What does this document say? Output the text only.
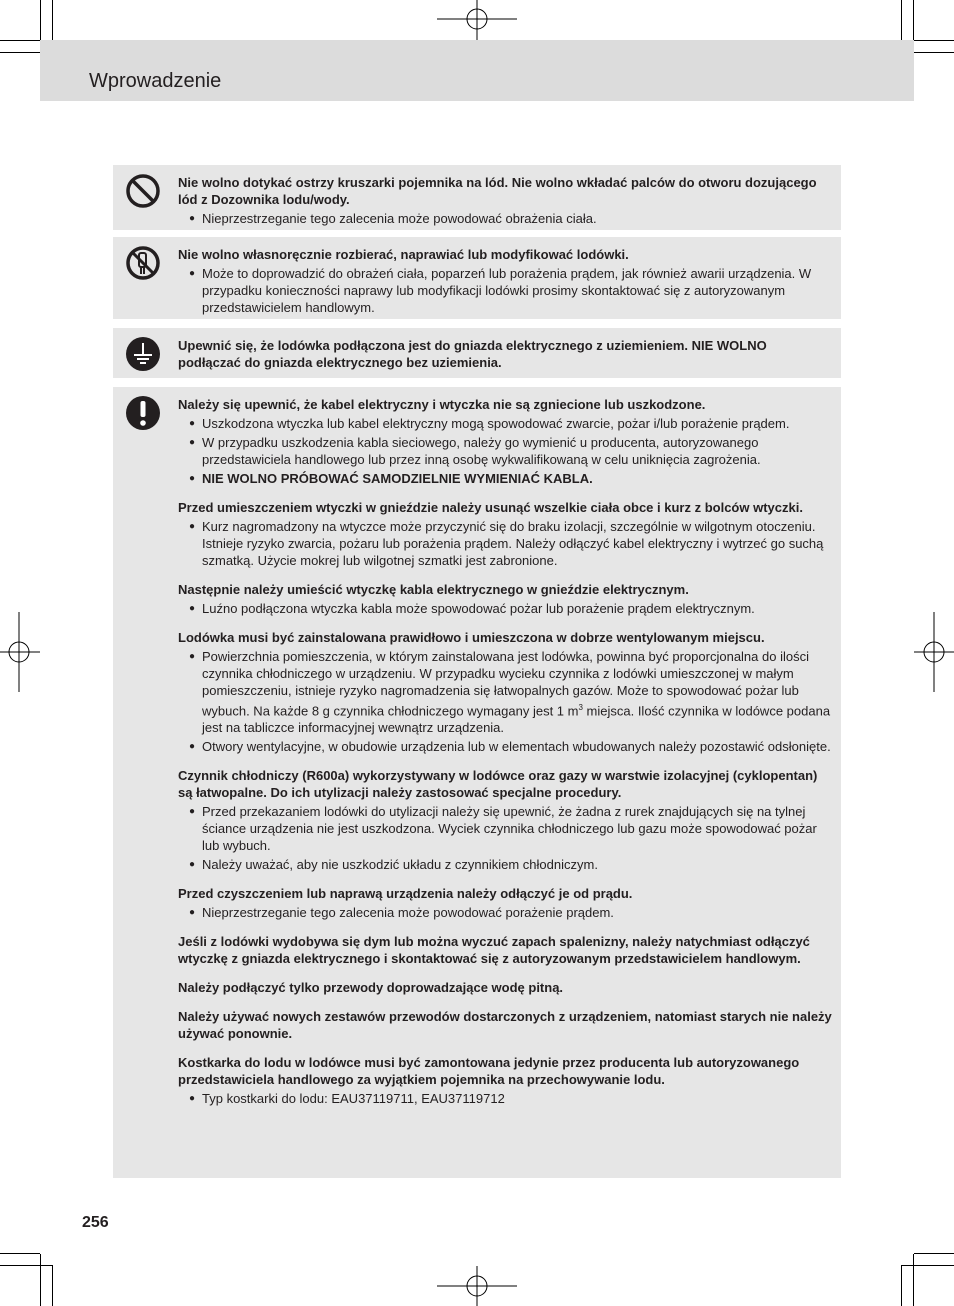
Wprowadzenie
Nie wolno dotykać ostrzy kruszarki pojemnika na lód. Nie wolno wkładać palców do otworu dozującego lód z Dozownika lodu/wody.
● Nieprzestrzeganie tego zalecenia może powodować obrażenia ciała.
Nie wolno własnoręcznie rozbierać, naprawiać lub modyfikować lodówki.
● Może to doprowadzić do obrażeń ciała, poparzeń lub porażenia prądem, jak również awarii urządzenia. W przypadku konieczności naprawy lub modyfikacji lodówki prosimy skontaktować się z autoryzowanym przedstawicielem handlowym.
Upewnić się, że lodówka podłączona jest do gniazda elektrycznego z uziemieniem. NIE WOLNO podłączać do gniazda elektrycznego bez uziemienia.
Należy się upewnić, że kabel elektryczny i wtyczka nie są zgniecione lub uszkodzone.
● Uszkodzona wtyczka lub kabel elektryczny mogą spowodować zwarcie, pożar i/lub porażenie prądem.
● W przypadku uszkodzenia kabla sieciowego, należy go wymienić u producenta, autoryzowanego przedstawiciela handlowego lub przez inną osobę wykwalifikowaną w celu uniknięcia zagrożenia.
● NIE WOLNO PRÓBOWAĆ SAMODZIELNIE WYMIENIAĆ KABLA.
Przed umieszczeniem wtyczki w gnieździe należy usunąć wszelkie ciała obce i kurz z bolców wtyczki.
● Kurz nagromadzony na wtyczce może przyczynić się do braku izolacji, szczególnie w wilgotnym otoczeniu. Istnieje ryzyko zwarcia, pożaru lub porażenia prądem. Należy odłączyć kabel elektryczny i wytrzeć go suchą szmatką. Użycie mokrej lub wilgotnej szmatki jest zabronione.
Następnie należy umieścić wtyczkę kabla elektrycznego w gnieździe elektrycznym.
● Luźno podłączona wtyczka kabla może spowodować pożar lub porażenie prądem elektrycznym.
Lodówka musi być zainstalowana prawidłowo i umieszczona w dobrze wentylowanym miejscu.
● Powierzchnia pomieszczenia, w którym zainstalowana jest lodówka, powinna być proporcjonalna do ilości czynnika chłodniczego w urządzeniu. W przypadku wycieku czynnika z lodówki umieszczonej w małym pomieszczeniu, istnieje ryzyko nagromadzenia się łatwopalnych gazów. Może to spowodować pożar lub wybuch. Na każde 8 g czynnika chłodniczego wymagany jest 1 $m^3$ miejsca. Ilość czynnika w lodówce podana jest na tabliczce informacyjnej wewnątrz urządzenia.
● Otwory wentylacyjne, w obudowie urządzenia lub w elementach wbudowanych należy pozostawić odsłonięte.
Czynnik chłodniczy (R600a) wykorzystywany w lodówce oraz gazy w warstwie izolacyjnej (cyklopentan) są łatwopalne. Do ich utylizacji należy zastosować specjalne procedury.
● Przed przekazaniem lodówki do utylizacji należy się upewnić, że żadna z rurek znajdujących się na tylnej ściance urządzenia nie jest uszkodzona. Wyciek czynnika chłodniczego lub gazu może spowodować pożar lub wybuch.
● Należy uważać, aby nie uszkodzić układu z czynnikiem chłodniczym.
Przed czyszczeniem lub naprawą urządzenia należy odłączyć je od prądu.
● Nieprzestrzeganie tego zalecenia może powodować porażenie prądem.
Jeśli z lodówki wydobywa się dym lub można wyczuć zapach spalenizny, należy natychmiast odłączyć wtyczkę z gniazda elektrycznego i skontaktować się z autoryzowanym przedstawicielem handlowym.
Należy podłączyć tylko przewody doprowadzające wodę pitną.
Należy używać nowych zestawów przewodów dostarczonych z urządzeniem, natomiast starych nie należy używać ponownie.
Kostkarka do lodu w lodówce musi być zamontowana jedynie przez producenta lub autoryzowanego przedstawiciela handlowego za wyjątkiem pojemnika na przechowywanie lodu.
● Typ kostkarki do lodu: EAU37119711, EAU37119712
256
